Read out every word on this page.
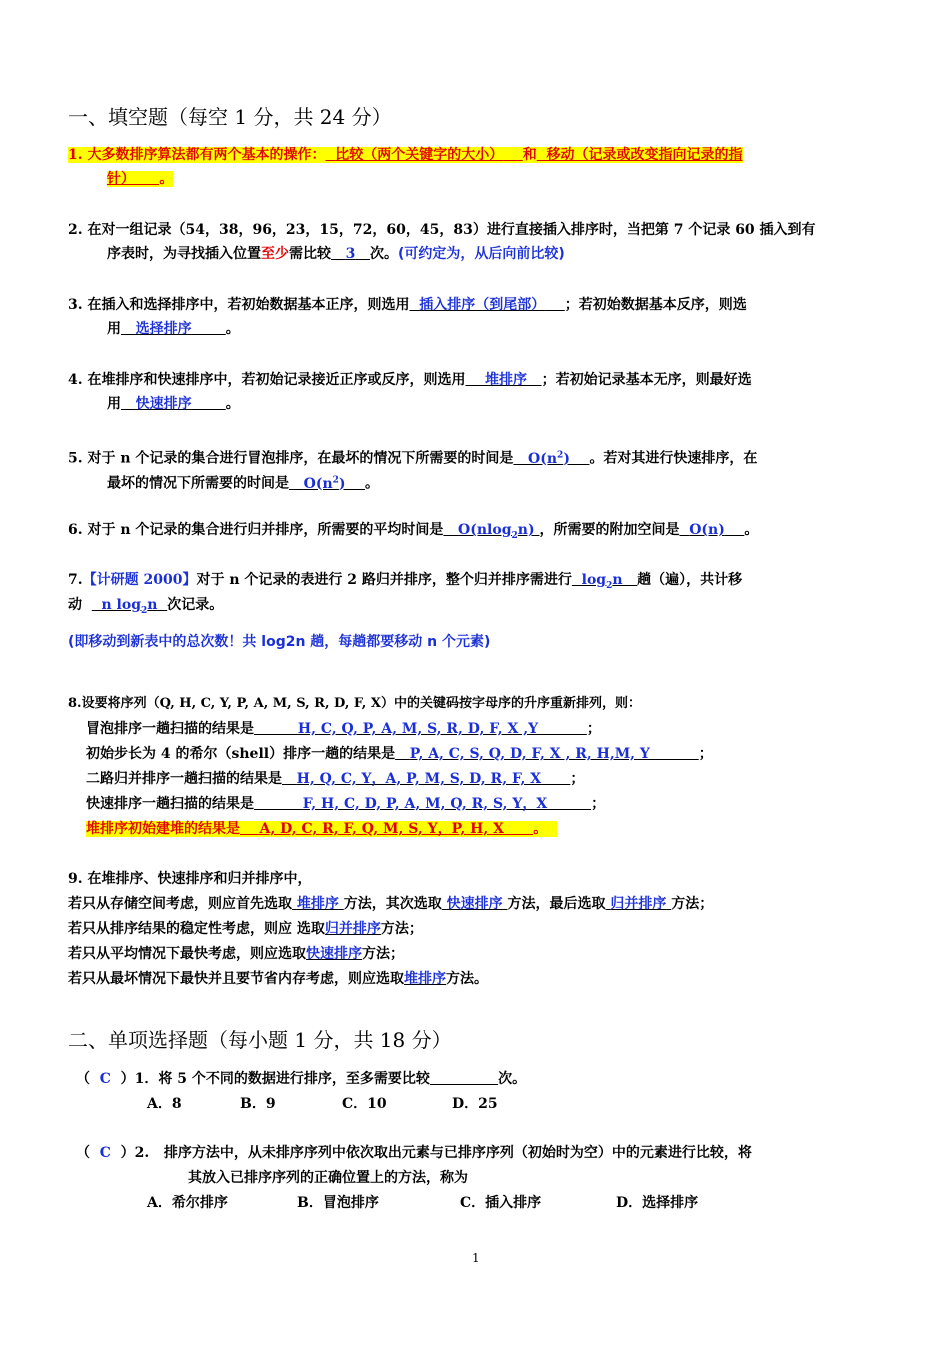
一、填空题（每空 1 分，共 24 分）
1. 大多数排序算法都有两个基本的操作： 比较（两个关键字的大小） 和 移动（记录或改变指向记录的指
针） 。
2. 在对一组记录（54，38，96，23，15，72，60，45，83）进行直接插入排序时，当把第 7 个记录 60 插入到有
序表时，为寻找插入位置至少需比较 3 次。(可约定为，从后向前比较)
3. 在插入和选择排序中，若初始数据基本正序，则选用 插入排序（到尾部） ；若初始数据基本反序，则选
用 选择排序 。
4. 在堆排序和快速排序中，若初始记录接近正序或反序，则选用 堆排序 ；若初始记录基本无序，则最好选
用 快速排序 。
5. 对于 n 个记录的集合进行冒泡排序，在最坏的情况下所需要的时间是 $O(n^2)$ 。若对其进行快速排序，在
最坏的情况下所需要的时间是 $O(n^2)$ 。
6. 对于 n 个记录的集合进行归并排序，所需要的平均时间是 O(nlog$_2$n) ，所需要的附加空间是 O(n) 。
7.【计研题 2000】对于 n 个记录的表进行 2 路归并排序，整个归并排序需进行 $\log_2n$ 趟（遍），共计移
动 n $\log_2n$ 次记录。
(即移动到新表中的总次数！共 log2n 趟，每趟都要移动 n 个元素)
8.设要将序列（Q, H, C, Y, P, A, M, S, R, D, F, X）中的关键码按字母序的升序重新排列，则：
冒泡排序一趟扫描的结果是	H, C, Q, P, A, M, S, R, D, F, X ,Y	；
初始步长为 4 的希尔（shell）排序一趟的结果是 P, A, C, S, Q, D, F, X , R, H,M, Y	；
二路归并排序一趟扫描的结果是 H, Q, C, Y，A, P, M, S, D, R, F, X ；
快速排序一趟扫描的结果是	F, H, C, D, P, A, M, Q, R, S, Y，X	；
堆排序初始建堆的结果是 A, D, C, R, F, Q, M, S, Y，P, H, X 。
9. 在堆排序、快速排序和归并排序中，
若只从存储空间考虑，则应首先选取 堆排序 方法，其次选取 快速排序 方法，最后选取 归并排序 方法；
若只从排序结果的稳定性考虑，则应 选取归并排序方法；
若只从平均情况下最快考虑，则应选取快速排序方法；
若只从最坏情况下最快并且要节省内存考虑，则应选取堆排序方法。
二、单项选择题（每小题 1 分，共 18 分）
（ C ）1．将 5 个不同的数据进行排序，至多需要比较	次。
A．8	B．9	C．10	D．25
（ C ）2. 排序方法中，从未排序序列中依次取出元素与已排序序列（初始时为空）中的元素进行比较，将
其放入已排序序列的正确位置上的方法，称为
A．希尔排序	B．冒泡排序	C．插入排序	D．选择排序
1
